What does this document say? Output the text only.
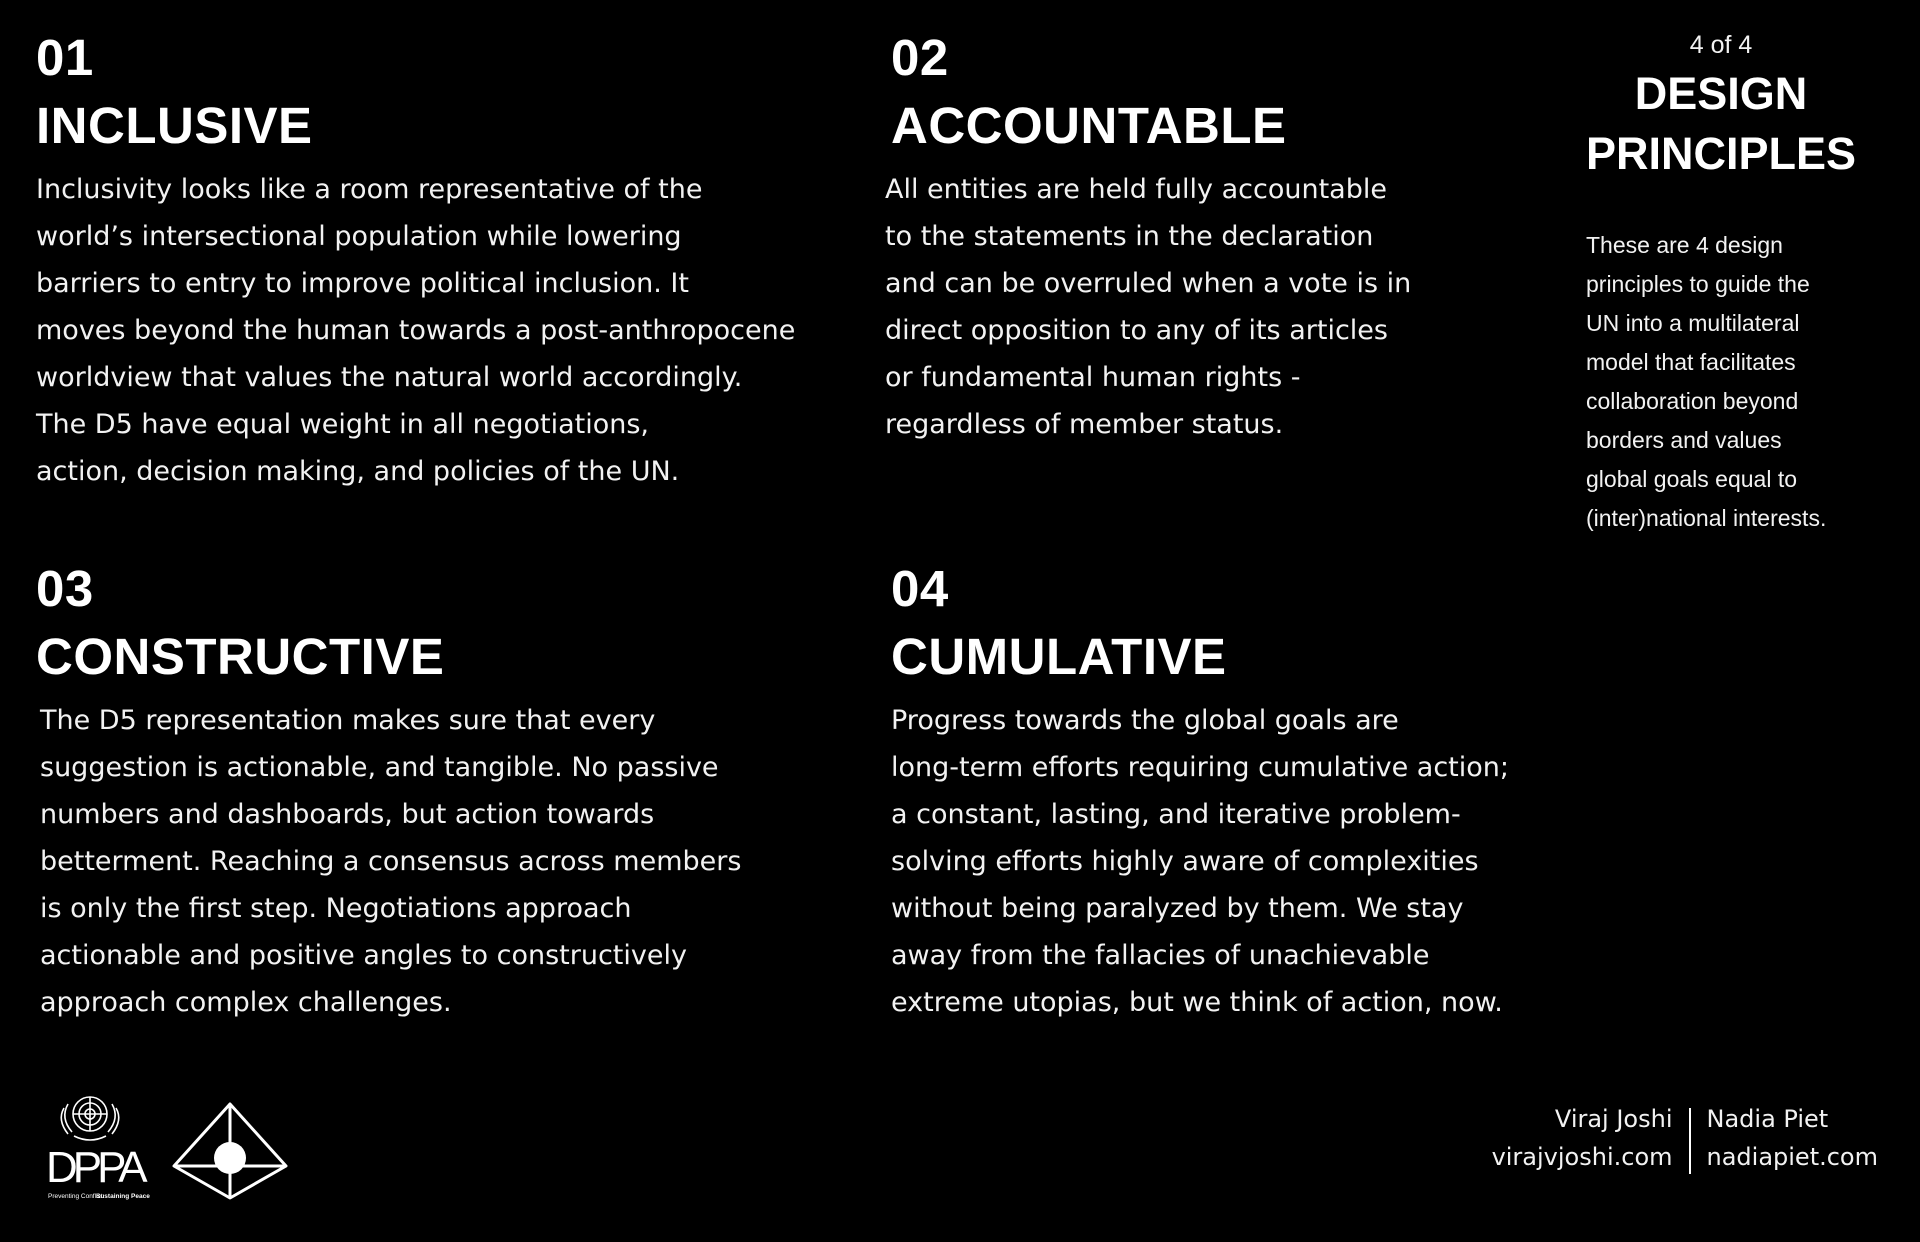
01
INCLUSIVE
Inclusivity looks like a room representative of the
world’s intersectional population while lowering
barriers to entry to improve political inclusion. It
moves beyond the human towards a post-anthropocene
worldview that values the natural world accordingly.
The D5 have equal weight in all negotiations,
action, decision making, and policies of the UN.
02
ACCOUNTABLE
All entities are held fully accountable
to the statements in the declaration
and can be overruled when a vote is in
direct opposition to any of its articles
or fundamental human rights -
regardless of member status.
03
CONSTRUCTIVE
The D5 representation makes sure that every
suggestion is actionable, and tangible. No passive
numbers and dashboards, but action towards
betterment. Reaching a consensus across members
is only the first step. Negotiations approach
actionable and positive angles to constructively
approach complex challenges.
04
CUMULATIVE
Progress towards the global goals are
long-term efforts requiring cumulative action;
a constant, lasting, and iterative problem-
solving efforts highly aware of complexities
without being paralyzed by them. We stay
away from the fallacies of unachievable
extreme utopias, but we think of action, now.
4 of 4
DESIGN
PRINCIPLES
These are 4 design
principles to guide the
UN into a multilateral
model that facilitates
collaboration beyond
borders and values
global goals equal to
(inter)national interests.
DPPA
Preventing Conflict.
Sustaining Peace
Viraj Joshi
virajvjoshi.com
Nadia Piet
nadiapiet.com
